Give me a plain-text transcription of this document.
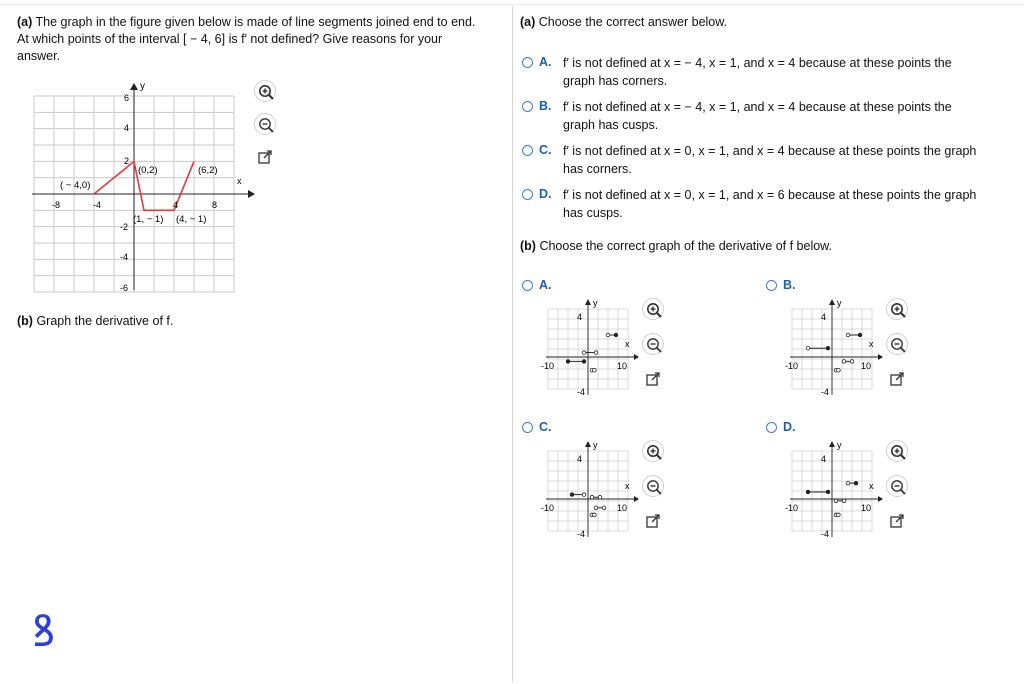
(a) The graph in the figure given below is made of line segments joined end to end.
At which points of the interval [ − 4, 6] is f′ not defined? Give reasons for your
answer.
y
x
6
4
2
-2
-4
-6
-8	-4	4	8
( − 4,0)
(0,2)
(1, − 1) (4, − 1)
(6,2)
(b) Graph the derivative of f.
ꝸ
(a) Choose the correct answer below.
A. f′ is not defined at x = − 4, x = 1, and x = 4 because at these points the
graph has corners.
B. f′ is not defined at x = − 4, x = 1, and x = 4 because at these points the
graph has cusps.
C. f′ is not defined at x = 0, x = 1, and x = 4 because at these points the graph
has corners.
D. f′ is not defined at x = 0, x = 1, and x = 6 because at these points the graph
has cusps.
(b) Choose the correct graph of the derivative of f below.
A.
y
x
4
-4
-10	10
B.
y
x
4
-4
-10	10
C.
y
x
4
-4
-10	10
D.
y
x
4
-4
-10	10
